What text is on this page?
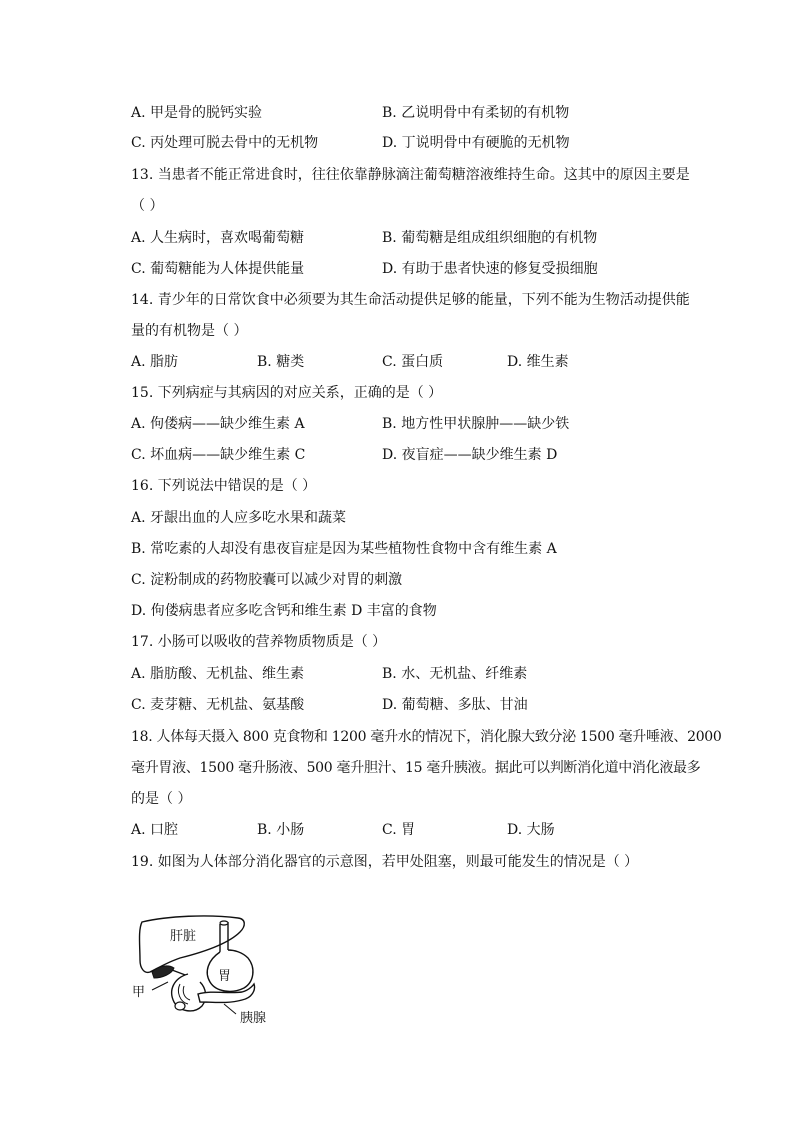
A. 甲是骨的脱钙实验	B. 乙说明骨中有柔韧的有机物
C. 丙处理可脱去骨中的无机物	D. 丁说明骨中有硬脆的无机物
13. 当患者不能正常进食时，往往依靠静脉滴注葡萄糖溶液维持生命。这其中的原因主要是
（ ）
A. 人生病时，喜欢喝葡萄糖	B. 葡萄糖是组成组织细胞的有机物
C. 葡萄糖能为人体提供能量	D. 有助于患者快速的修复受损细胞
14. 青少年的日常饮食中必须要为其生命活动提供足够的能量，下列不能为生物活动提供能
量的有机物是（ ）
A. 脂肪	B. 糖类	C. 蛋白质	D. 维生素
15. 下列病症与其病因的对应关系，正确的是（ ）
A. 佝偻病——缺少维生素 A	B. 地方性甲状腺肿——缺少铁
C. 坏血病——缺少维生素 C	D. 夜盲症——缺少维生素 D
16. 下列说法中错误的是（ ）
A. 牙龈出血的人应多吃水果和蔬菜
B. 常吃素的人却没有患夜盲症是因为某些植物性食物中含有维生素 A
C. 淀粉制成的药物胶囊可以减少对胃的刺激
D. 佝偻病患者应多吃含钙和维生素 D 丰富的食物
17. 小肠可以吸收的营养物质物质是（ ）
A. 脂肪酸、无机盐、维生素	B. 水、无机盐、纤维素
C. 麦芽糖、无机盐、氨基酸	D. 葡萄糖、多肽、甘油
18. 人体每天摄入 800 克食物和 1200 毫升水的情况下，消化腺大致分泌 1500 毫升唾液、2000
毫升胃液、1500 毫升肠液、500 毫升胆汁、15 毫升胰液。据此可以判断消化道中消化液最多
的是（ ）
A. 口腔	B. 小肠	C. 胃	D. 大肠
19. 如图为人体部分消化器官的示意图，若甲处阻塞，则最可能发生的情况是（ ）
肝脏
胃
甲
胰腺
